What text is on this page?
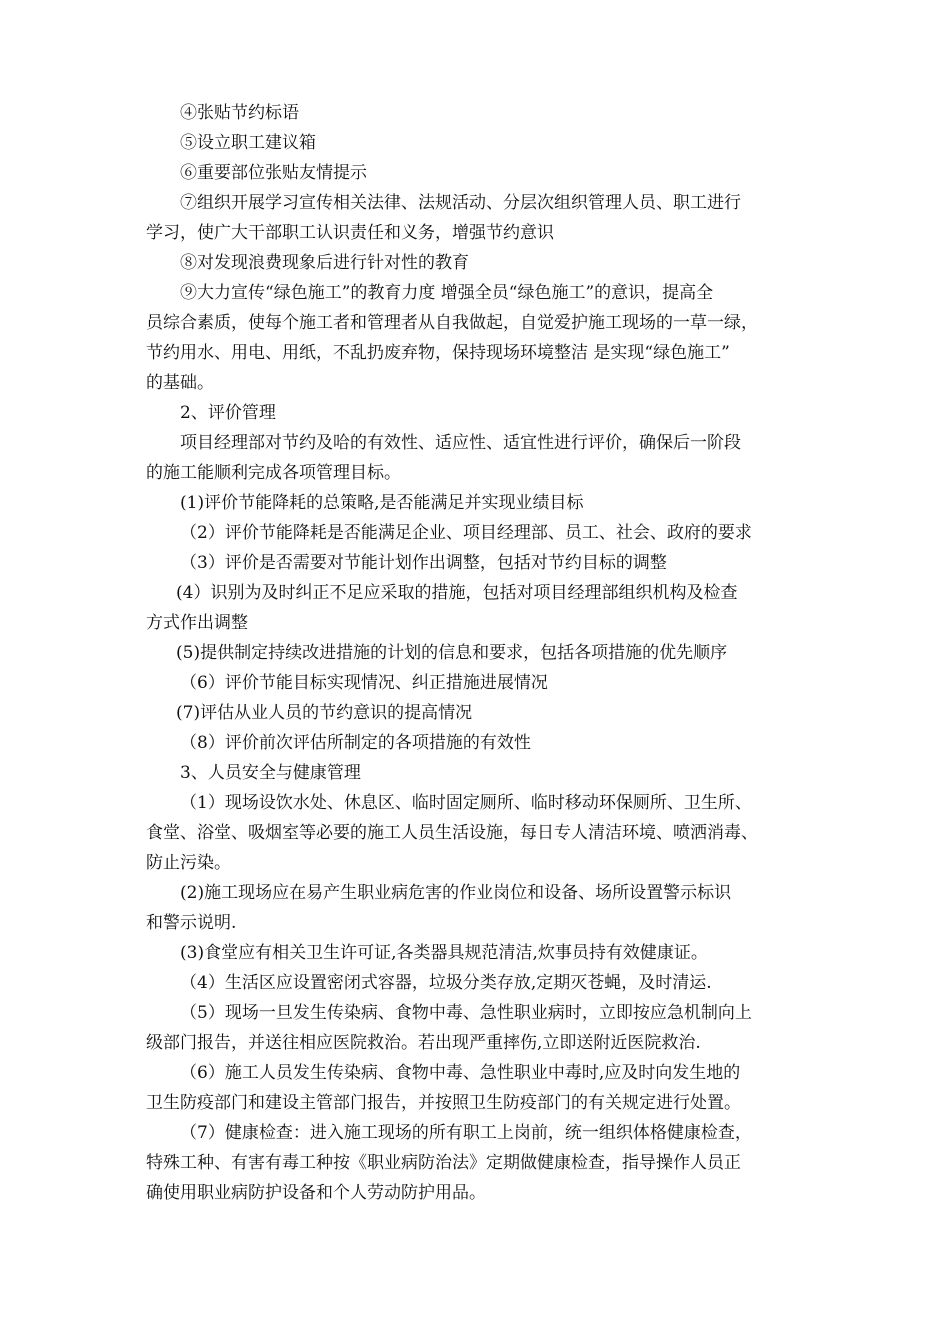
④张贴节约标语
⑤设立职工建议箱
⑥重要部位张贴友情提示
⑦组织开展学习宣传相关法律、法规活动、分层次组织管理人员、职工进行
学习，使广大干部职工认识责任和义务，增强节约意识
⑧对发现浪费现象后进行针对性的教育
⑨大力宣传“绿色施工”的教育力度 增强全员“绿色施工”的意识，提高全
员综合素质，使每个施工者和管理者从自我做起，自觉爱护施工现场的一草一绿，
节约用水、用电、用纸，不乱扔废弃物，保持现场环境整洁 是实现“绿色施工”
的基础。
2、评价管理
项目经理部对节约及哈的有效性、适应性、适宜性进行评价，确保后一阶段
的施工能顺利完成各项管理目标。
(1)评价节能降耗的总策略,是否能满足并实现业绩目标
（2）评价节能降耗是否能满足企业、项目经理部、员工、社会、政府的要求
（3）评价是否需要对节能计划作出调整，包括对节约目标的调整
(4）识别为及时纠正不足应采取的措施，包括对项目经理部组织机构及检查
方式作出调整
(5)提供制定持续改进措施的计划的信息和要求，包括各项措施的优先顺序
（6）评价节能目标实现情况、纠正措施进展情况
(7)评估从业人员的节约意识的提高情况
（8）评价前次评估所制定的各项措施的有效性
3、人员安全与健康管理
（1）现场设饮水处、休息区、临时固定厕所、临时移动环保厕所、卫生所、
食堂、浴堂、吸烟室等必要的施工人员生活设施，每日专人清洁环境、喷洒消毒、
防止污染。
(2)施工现场应在易产生职业病危害的作业岗位和设备、场所设置警示标识
和警示说明.
(3)食堂应有相关卫生许可证,各类器具规范清洁,炊事员持有效健康证。
（4）生活区应设置密闭式容器，垃圾分类存放,定期灭苍蝇，及时清运.
（5）现场一旦发生传染病、食物中毒、急性职业病时，立即按应急机制向上
级部门报告，并送往相应医院救治。若出现严重摔伤,立即送附近医院救治.
（6）施工人员发生传染病、食物中毒、急性职业中毒时,应及时向发生地的
卫生防疫部门和建设主管部门报告，并按照卫生防疫部门的有关规定进行处置。
（7）健康检查：进入施工现场的所有职工上岗前，统一组织体格健康检查，
特殊工种、有害有毒工种按《职业病防治法》定期做健康检查，指导操作人员正
确使用职业病防护设备和个人劳动防护用品。
